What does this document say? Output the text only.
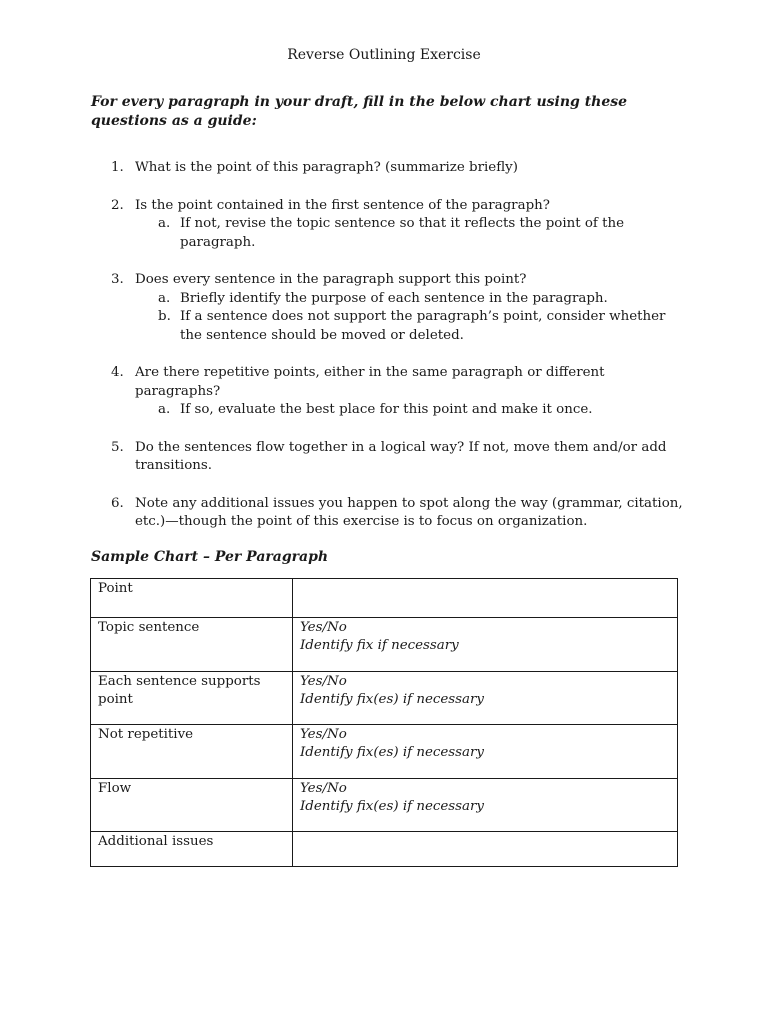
Reverse Outlining Exercise
For every paragraph in your draft, fill in the below chart using these questions as a guide:
1. What is the point of this paragraph? (summarize briefly)
2. Is the point contained in the first sentence of the paragraph?
a. If not, revise the topic sentence so that it reflects the point of the paragraph.
3. Does every sentence in the paragraph support this point?
a. Briefly identify the purpose of each sentence in the paragraph.
b. If a sentence does not support the paragraph’s point, consider whether the sentence should be moved or deleted.
4. Are there repetitive points, either in the same paragraph or different paragraphs?
a. If so, evaluate the best place for this point and make it once.
5. Do the sentences flow together in a logical way? If not, move them and/or add transitions.
6. Note any additional issues you happen to spot along the way (grammar, citation, etc.)—though the point of this exercise is to focus on organization.
Sample Chart – Per Paragraph
Point	

Topic sentence	Yes/No
Identify fix if necessary

Each sentence supports point	Yes/No
Identify fix(es) if necessary

Not repetitive	Yes/No
Identify fix(es) if necessary

Flow	Yes/No
Identify fix(es) if necessary

Additional issues	
